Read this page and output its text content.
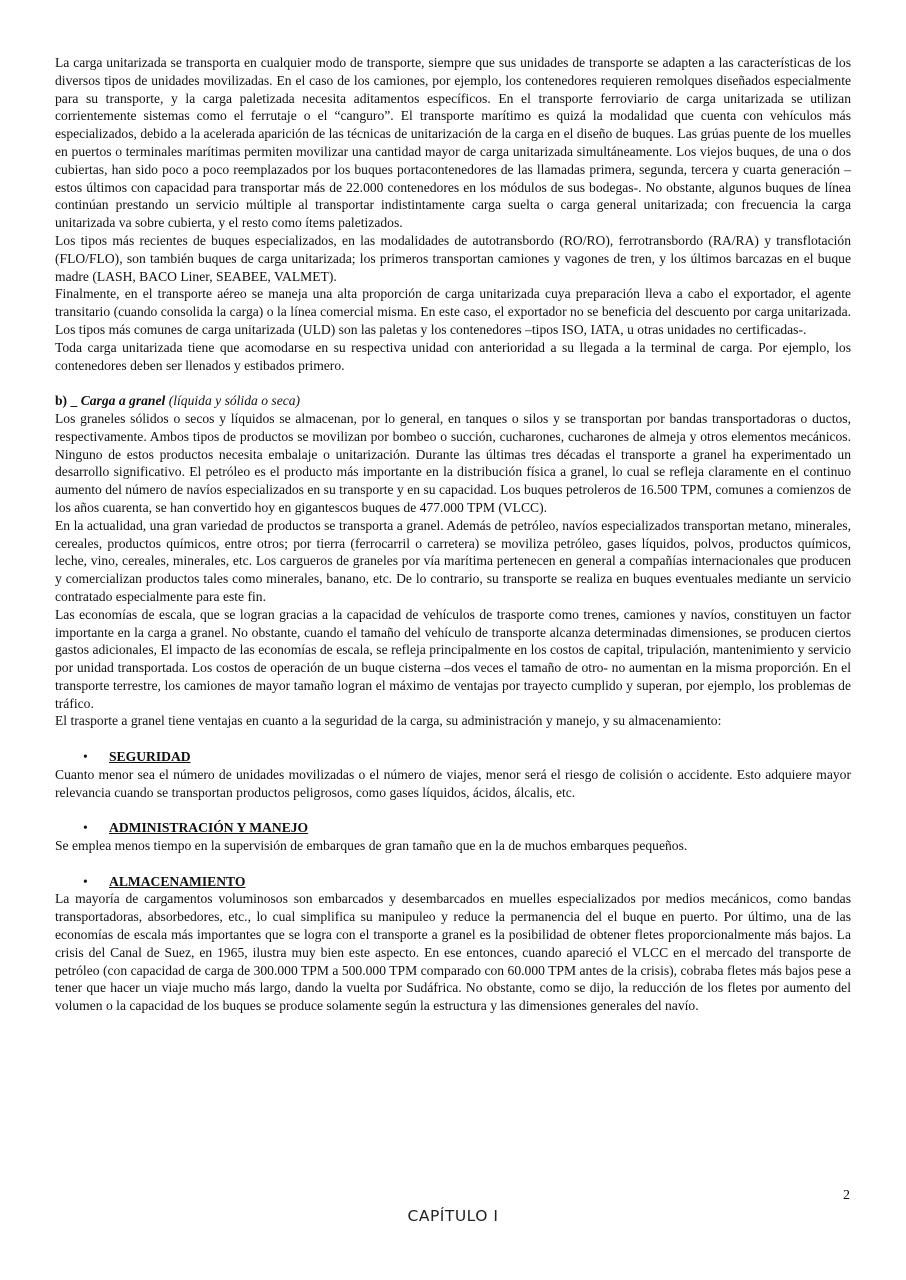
La carga unitarizada se transporta en cualquier modo de transporte, siempre que sus unidades de transporte se adapten a las características de los diversos tipos de unidades movilizadas. En el caso de los camiones, por ejemplo, los contenedores requieren remolques diseñados especialmente para su transporte, y la carga paletizada necesita aditamentos específicos. En el transporte ferroviario de carga unitarizada se utilizan corrientemente sistemas como el ferrutaje o el “canguro”. El transporte marítimo es quizá la modalidad que cuenta con vehículos más especializados, debido a la acelerada aparición de las técnicas de unitarización de la carga en el diseño de buques. Las grúas puente de los muelles en puertos o terminales marítimas permiten movilizar una cantidad mayor de carga unitarizada simultáneamente. Los viejos buques, de una o dos cubiertas, han sido poco a poco reemplazados por los buques portacontenedores de las llamadas primera, segunda, tercera y cuarta generación –estos últimos con capacidad para transportar más de 22.000 contenedores en los módulos de sus bodegas-. No obstante, algunos buques de línea continúan prestando un servicio múltiple al transportar indistintamente carga suelta o carga general unitarizada; con frecuencia la carga unitarizada va sobre cubierta, y el resto como ítems paletizados.

Los tipos más recientes de buques especializados, en las modalidades de autotransbordo (RO/RO), ferrotransbordo (RA/RA) y transflotación (FLO/FLO), son también buques de carga unitarizada; los primeros transportan camiones y vagones de tren, y los últimos barcazas en el buque madre (LASH, BACO Liner, SEABEE, VALMET).

Finalmente, en el transporte aéreo se maneja una alta proporción de carga unitarizada cuya preparación lleva a cabo el exportador, el agente transitario (cuando consolida la carga) o la línea comercial misma. En este caso, el exportador no se beneficia del descuento por carga unitarizada. Los tipos más comunes de carga unitarizada (ULD) son las paletas y los contenedores –tipos ISO, IATA, u otras unidades no certificadas-.

Toda carga unitarizada tiene que acomodarse en su respectiva unidad con anterioridad a su llegada a la terminal de carga. Por ejemplo, los contenedores deben ser llenados y estibados primero.

b) _ Carga a granel (líquida y sólida o seca)

Los graneles sólidos o secos y líquidos se almacenan, por lo general, en tanques o silos y se transportan por bandas transportadoras o ductos, respectivamente. Ambos tipos de productos se movilizan por bombeo o succión, cucharones, cucharones de almeja y otros elementos mecánicos. Ninguno de estos productos necesita embalaje o unitarización. Durante las últimas tres décadas el transporte a granel ha experimentado un desarrollo significativo. El petróleo es el producto más importante en la distribución física a granel, lo cual se refleja claramente en el continuo aumento del número de navíos especializados en su transporte y en su capacidad. Los buques petroleros de 16.500 TPM, comunes a comienzos de los años cuarenta, se han convertido hoy en gigantescos buques de 477.000 TPM (VLCC).

En la actualidad, una gran variedad de productos se transporta a granel. Además de petróleo, navíos especializados transportan metano, minerales, cereales, productos químicos, entre otros; por tierra (ferrocarril o carretera) se moviliza petróleo, gases líquidos, polvos, productos químicos, leche, vino, cereales, minerales, etc. Los cargueros de graneles por vía marítima pertenecen en general a compañías internacionales que producen y comercializan productos tales como minerales, banano, etc. De lo contrario, su transporte se realiza en buques eventuales mediante un servicio contratado especialmente para este fin.

Las economías de escala, que se logran gracias a la capacidad de vehículos de trasporte como trenes, camiones y navíos, constituyen un factor importante en la carga a granel. No obstante, cuando el tamaño del vehículo de transporte alcanza determinadas dimensiones, se producen ciertos gastos adicionales, El impacto de las economías de escala, se refleja principalmente en los costos de capital, tripulación, mantenimiento y servicio por unidad transportada. Los costos de operación de un buque cisterna –dos veces el tamaño de otro- no aumentan en la misma proporción. En el transporte terrestre, los camiones de mayor tamaño logran el máximo de ventajas por trayecto cumplido y superan, por ejemplo, los problemas de tráfico.

El trasporte a granel tiene ventajas en cuanto a la seguridad de la carga, su administración y manejo, y su almacenamiento:

•	SEGURIDAD

Cuanto menor sea el número de unidades movilizadas o el número de viajes, menor será el riesgo de colisión o accidente. Esto adquiere mayor relevancia cuando se transportan productos peligrosos, como gases líquidos, ácidos, álcalis, etc.

•	ADMINISTRACIÓN Y MANEJO

Se emplea menos tiempo en la supervisión de embarques de gran tamaño que en la de muchos embarques pequeños.

•	ALMACENAMIENTO

La mayoría de cargamentos voluminosos son embarcados y desembarcados en muelles especializados por medios mecánicos, como bandas transportadoras, absorbedores, etc., lo cual simplifica su manipuleo y reduce la permanencia del el buque en puerto. Por último, una de las economías de escala más importantes que se logra con el transporte a granel es la posibilidad de obtener fletes proporcionalmente más bajos. La crisis del Canal de Suez, en 1965, ilustra muy bien este aspecto. En ese entonces, cuando apareció el VLCC en el mercado del transporte de petróleo (con capacidad de carga de 300.000 TPM a 500.000 TPM comparado con 60.000 TPM antes de la crisis), cobraba fletes más bajos pese a tener que hacer un viaje mucho más largo, dando la vuelta por Sudáfrica. No obstante, como se dijo, la reducción de los fletes por aumento del volumen o la capacidad de los buques se produce solamente según la estructura y las dimensiones generales del navío.

2
CAPÍTULO I
